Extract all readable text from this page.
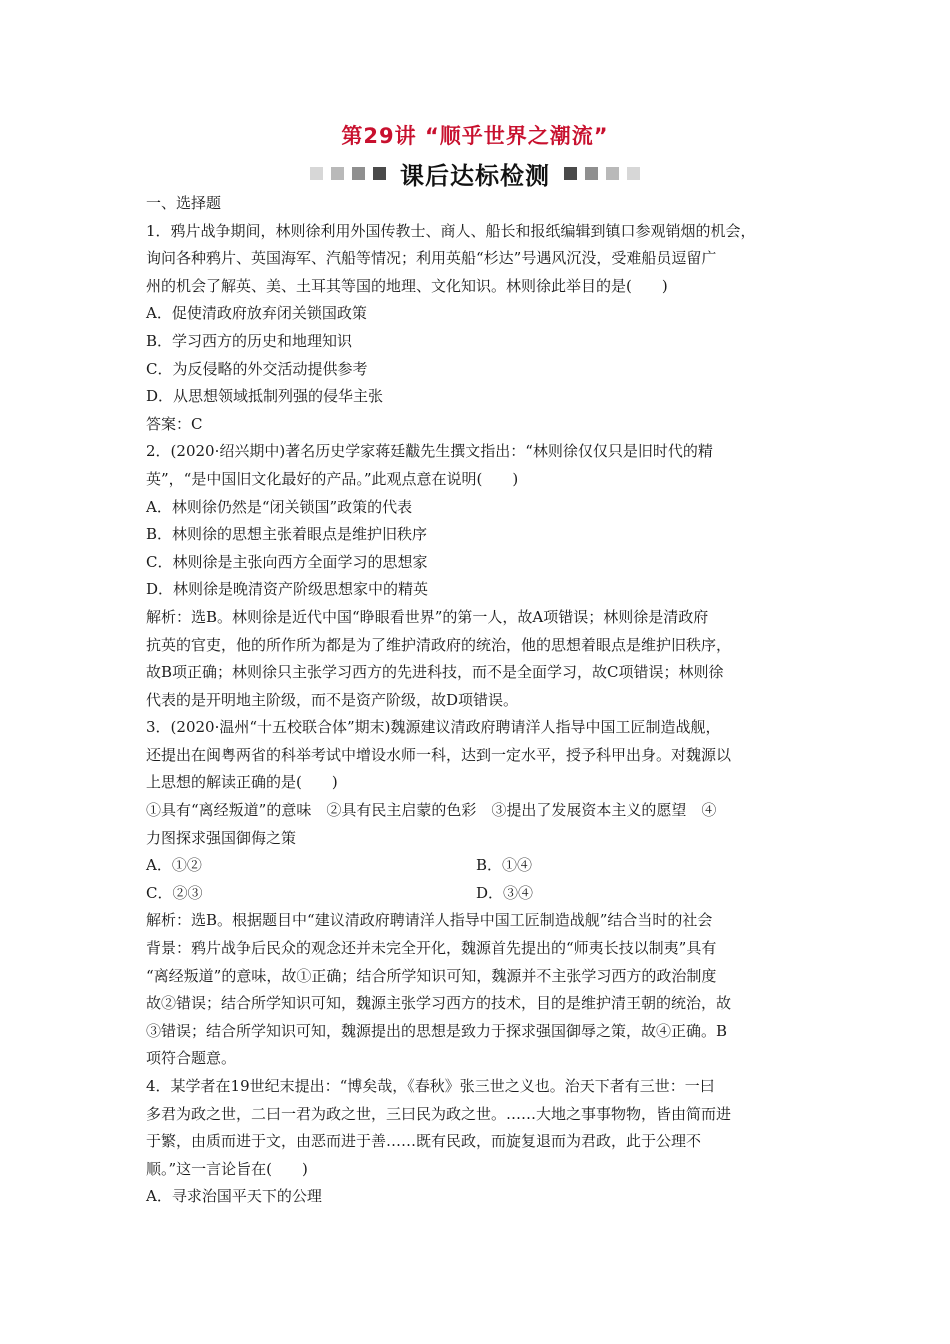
第29讲 “顺乎世界之潮流”
课后达标检测
一、选择题
1．鸦片战争期间，林则徐利用外国传教士、商人、船长和报纸编辑到镇口参观销烟的机会，
询问各种鸦片、英国海军、汽船等情况；利用英船“杉达”号遇风沉没，受难船员逗留广
州的机会了解英、美、土耳其等国的地理、文化知识。林则徐此举目的是(　　)
A．促使清政府放弃闭关锁国政策
B．学习西方的历史和地理知识
C．为反侵略的外交活动提供参考
D．从思想领域抵制列强的侵华主张
答案：C
2．(2020·绍兴期中)著名历史学家蒋廷黻先生撰文指出：“林则徐仅仅只是旧时代的精
英”，“是中国旧文化最好的产品。”此观点意在说明(　　)
A．林则徐仍然是“闭关锁国”政策的代表
B．林则徐的思想主张着眼点是维护旧秩序
C．林则徐是主张向西方全面学习的思想家
D．林则徐是晚清资产阶级思想家中的精英
解析：选B。林则徐是近代中国“睁眼看世界”的第一人，故A项错误；林则徐是清政府
抗英的官吏，他的所作所为都是为了维护清政府的统治，他的思想着眼点是维护旧秩序，
故B项正确；林则徐只主张学习西方的先进科技，而不是全面学习，故C项错误；林则徐
代表的是开明地主阶级，而不是资产阶级，故D项错误。
3．(2020·温州“十五校联合体”期末)魏源建议清政府聘请洋人指导中国工匠制造战舰，
还提出在闽粤两省的科举考试中增设水师一科，达到一定水平，授予科甲出身。对魏源以
上思想的解读正确的是(　　)
①具有“离经叛道”的意味　②具有民主启蒙的色彩　③提出了发展资本主义的愿望　④
力图探求强国御侮之策
A．①②	B．①④
C．②③	D．③④
解析：选B。根据题目中“建议清政府聘请洋人指导中国工匠制造战舰”结合当时的社会
背景：鸦片战争后民众的观念还并未完全开化，魏源首先提出的“师夷长技以制夷”具有
“离经叛道”的意味，故①正确；结合所学知识可知，魏源并不主张学习西方的政治制度
故②错误；结合所学知识可知，魏源主张学习西方的技术，目的是维护清王朝的统治，故
③错误；结合所学知识可知，魏源提出的思想是致力于探求强国御辱之策，故④正确。B
项符合题意。
4．某学者在19世纪末提出：“博矣哉，《春秋》张三世之义也。治天下者有三世：一曰
多君为政之世，二曰一君为政之世，三曰民为政之世。……大地之事事物物，皆由简而进
于繁，由质而进于文，由恶而进于善……既有民政，而旋复退而为君政，此于公理不
顺。”这一言论旨在(　　)
A．寻求治国平天下的公理
